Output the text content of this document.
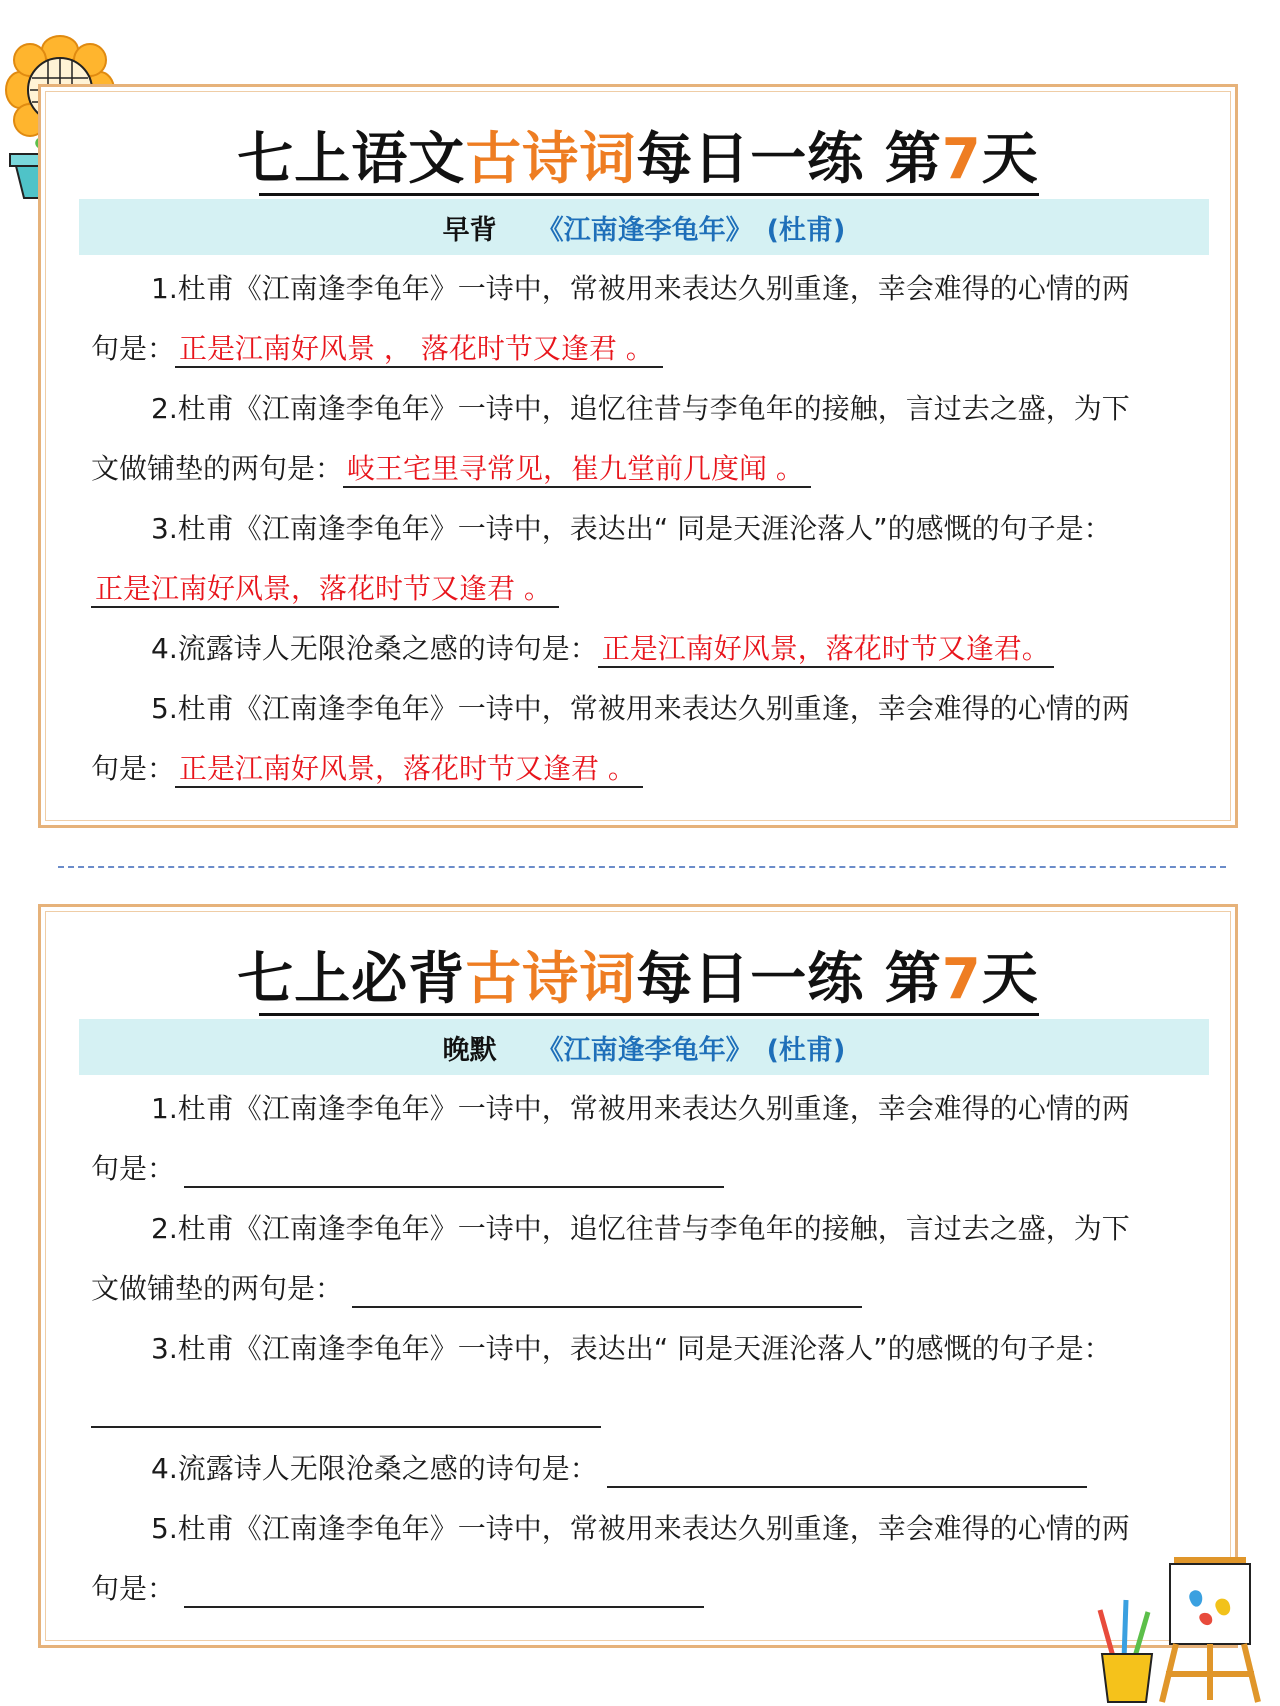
七上语文古诗词每日一练 第7天
早背 《江南逢李龟年》 (杜甫)
1.杜甫《江南逢李龟年》一诗中，常被用来表达久别重逢，幸会难得的心情的两
句是： 正是江南好风景 ， 落花时节又逢君 。
2.杜甫《江南逢李龟年》一诗中，追忆往昔与李龟年的接触，言过去之盛，为下
文做铺垫的两句是： 岐王宅里寻常见，崔九堂前几度闻 。
3.杜甫《江南逢李龟年》一诗中，表达出“ 同是天涯沦落人”的感慨的句子是：
正是江南好风景，落花时节又逢君 。
4.流露诗人无限沧桑之感的诗句是： 正是江南好风景，落花时节又逢君。
5.杜甫《江南逢李龟年》一诗中，常被用来表达久别重逢，幸会难得的心情的两
句是： 正是江南好风景，落花时节又逢君 。
七上必背古诗词每日一练 第7天
晚默 《江南逢李龟年》 (杜甫)
1.杜甫《江南逢李龟年》一诗中，常被用来表达久别重逢，幸会难得的心情的两
句是：
2.杜甫《江南逢李龟年》一诗中，追忆往昔与李龟年的接触，言过去之盛，为下
文做铺垫的两句是：
3.杜甫《江南逢李龟年》一诗中，表达出“ 同是天涯沦落人”的感慨的句子是：
4.流露诗人无限沧桑之感的诗句是：
5.杜甫《江南逢李龟年》一诗中，常被用来表达久别重逢，幸会难得的心情的两
句是：
